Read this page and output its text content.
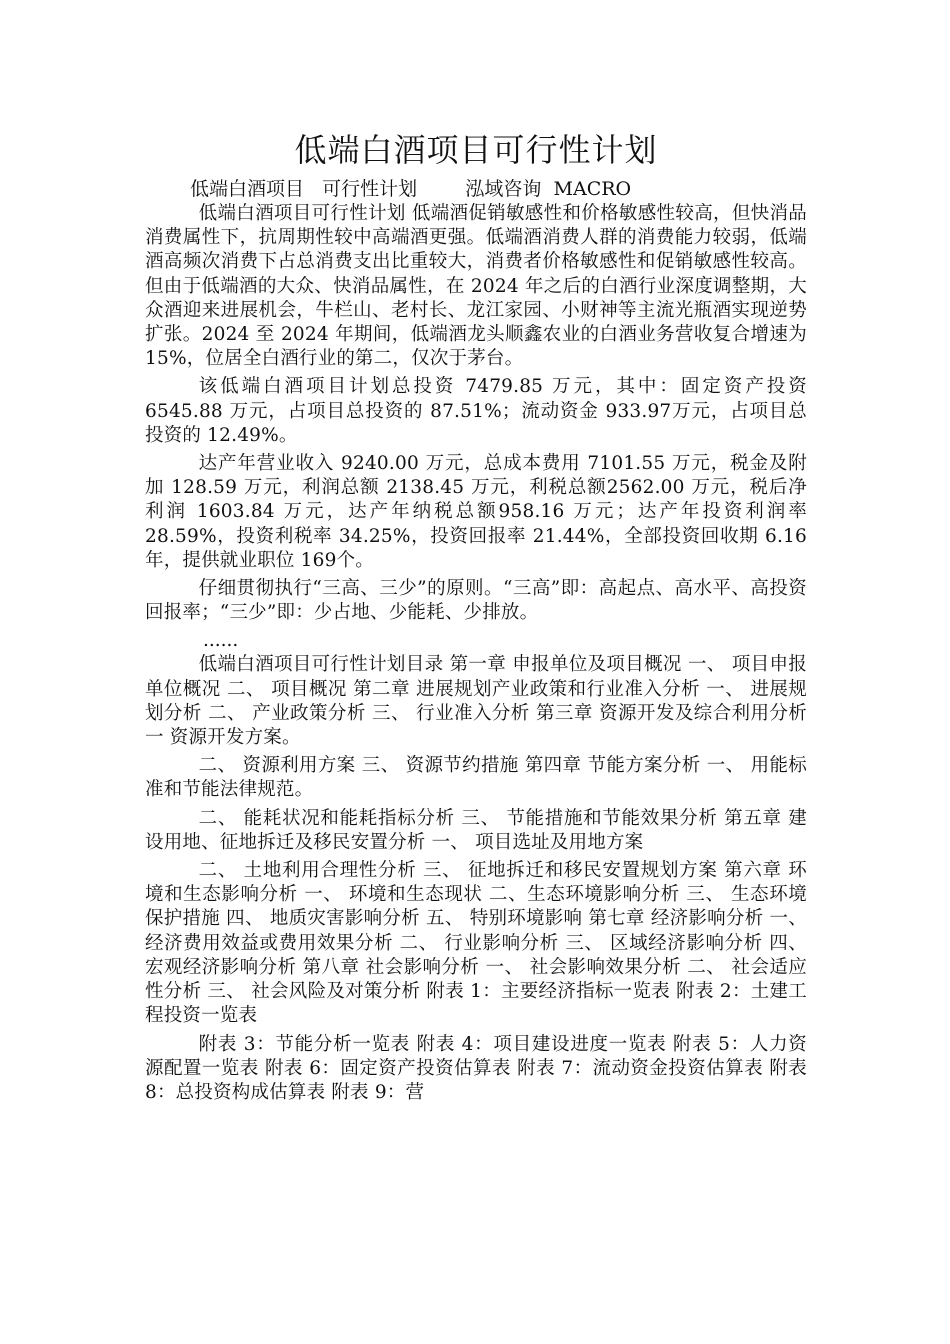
低端白酒项目可行性计划
低端白酒项目   可行性计划        泓域咨询  MACRO

低端白酒项目可行性计划 低端酒促销敏感性和价格敏感性较高，但快消品消费属性下，抗周期性较中高端酒更强。低端酒消费人群的消费能力较弱，低端酒高频次消费下占总消费支出比重较大，消费者价格敏感性和促销敏感性较高。但由于低端酒的大众、快消品属性，在 2024 年之后的白酒行业深度调整期，大众酒迎来进展机会，牛栏山、老村长、龙江家园、小财神等主流光瓶酒实现逆势扩张。2024 至 2024 年期间，低端酒龙头顺鑫农业的白酒业务营收复合增速为 15%，位居全白酒行业的第二，仅次于茅台。

该低端白酒项目计划总投资 7479.85 万元，其中：固定资产投资6545.88 万元，占项目总投资的 87.51%；流动资金 933.97万元，占项目总投资的 12.49%。

达产年营业收入 9240.00 万元，总成本费用 7101.55 万元，税金及附加 128.59 万元，利润总额 2138.45 万元，利税总额2562.00 万元，税后净利润 1603.84 万元，达产年纳税总额958.16 万元；达产年投资利润率 28.59%，投资利税率 34.25%，投资回报率 21.44%，全部投资回收期 6.16 年，提供就业职位 169个。

仔细贯彻执行“三高、三少”的原则。“三高”即：高起点、高水平、高投资回报率；“三少”即：少占地、少能耗、少排放。

......

低端白酒项目可行性计划目录 第一章 申报单位及项目概况 一、 项目申报单位概况 二、 项目概况 第二章 进展规划产业政策和行业准入分析 一、 进展规划分析 二、 产业政策分析 三、 行业准入分析 第三章 资源开发及综合利用分析 一 资源开发方案。

二、 资源利用方案 三、 资源节约措施 第四章 节能方案分析 一、 用能标准和节能法律规范。

二、 能耗状况和能耗指标分析 三、 节能措施和节能效果分析 第五章 建设用地、征地拆迁及移民安置分析 一、 项目选址及用地方案

二、 土地利用合理性分析 三、 征地拆迁和移民安置规划方案 第六章 环境和生态影响分析 一、 环境和生态现状 二、生态环境影响分析 三、 生态环境保护措施 四、 地质灾害影响分析 五、 特别环境影响 第七章 经济影响分析 一、 经济费用效益或费用效果分析 二、 行业影响分析 三、 区域经济影响分析 四、 宏观经济影响分析 第八章 社会影响分析 一、 社会影响效果分析 二、 社会适应性分析 三、 社会风险及对策分析 附表 1：主要经济指标一览表 附表 2：土建工程投资一览表

附表 3：节能分析一览表 附表 4：项目建设进度一览表 附表 5：人力资源配置一览表 附表 6：固定资产投资估算表 附表 7：流动资金投资估算表 附表 8：总投资构成估算表 附表 9：营
